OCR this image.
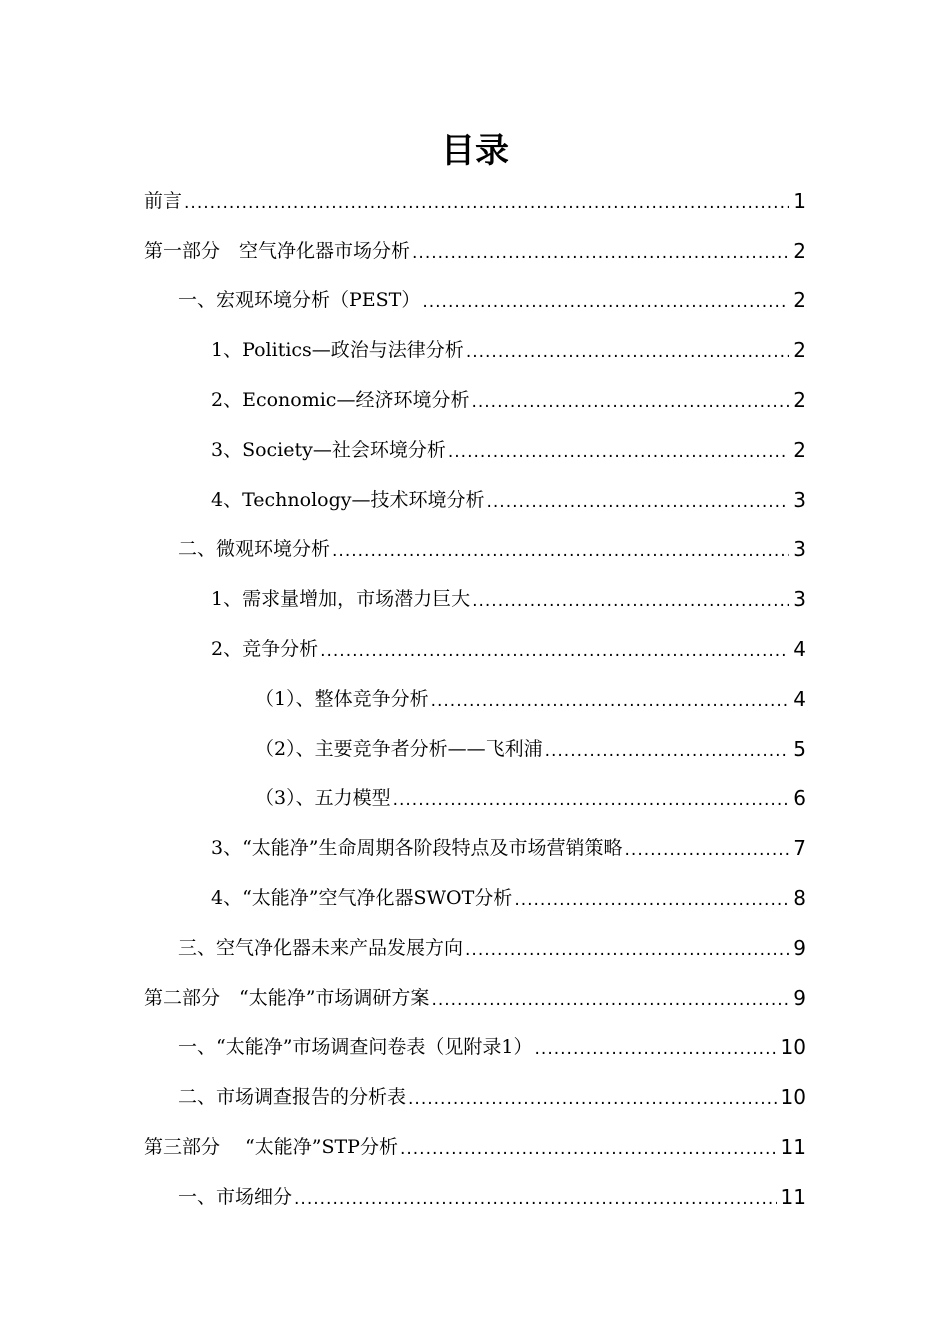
目录
前言 .....	1
第一部分　空气净化器市场分析 .....	2
一、宏观环境分析（PEST） .....	2
1、Politics—政治与法律分析 .....	2
2、Economic—经济环境分析 .....	2
3、Society—社会环境分析 .....	2
4、Technology—技术环境分析 .....	3
二、微观环境分析 .....	3
1、需求量增加，市场潜力巨大 .....	3
2、竞争分析 .....	4
（1）、整体竞争分析 .....	4
（2）、主要竞争者分析——飞利浦 .....	5
（3）、五力模型 .....	6
3、“太能净”生命周期各阶段特点及市场营销策略 .....	7
4、“太能净”空气净化器SWOT分析 .....	8
三、空气净化器未来产品发展方向 .....	9
第二部分　“太能净”市场调研方案 .....	9
一、“太能净”市场调查问卷表（见附录1） .....	10
二、市场调查报告的分析表 .....	10
第三部分　 “太能净”STP分析 .....	11
一、市场细分 .....	11
